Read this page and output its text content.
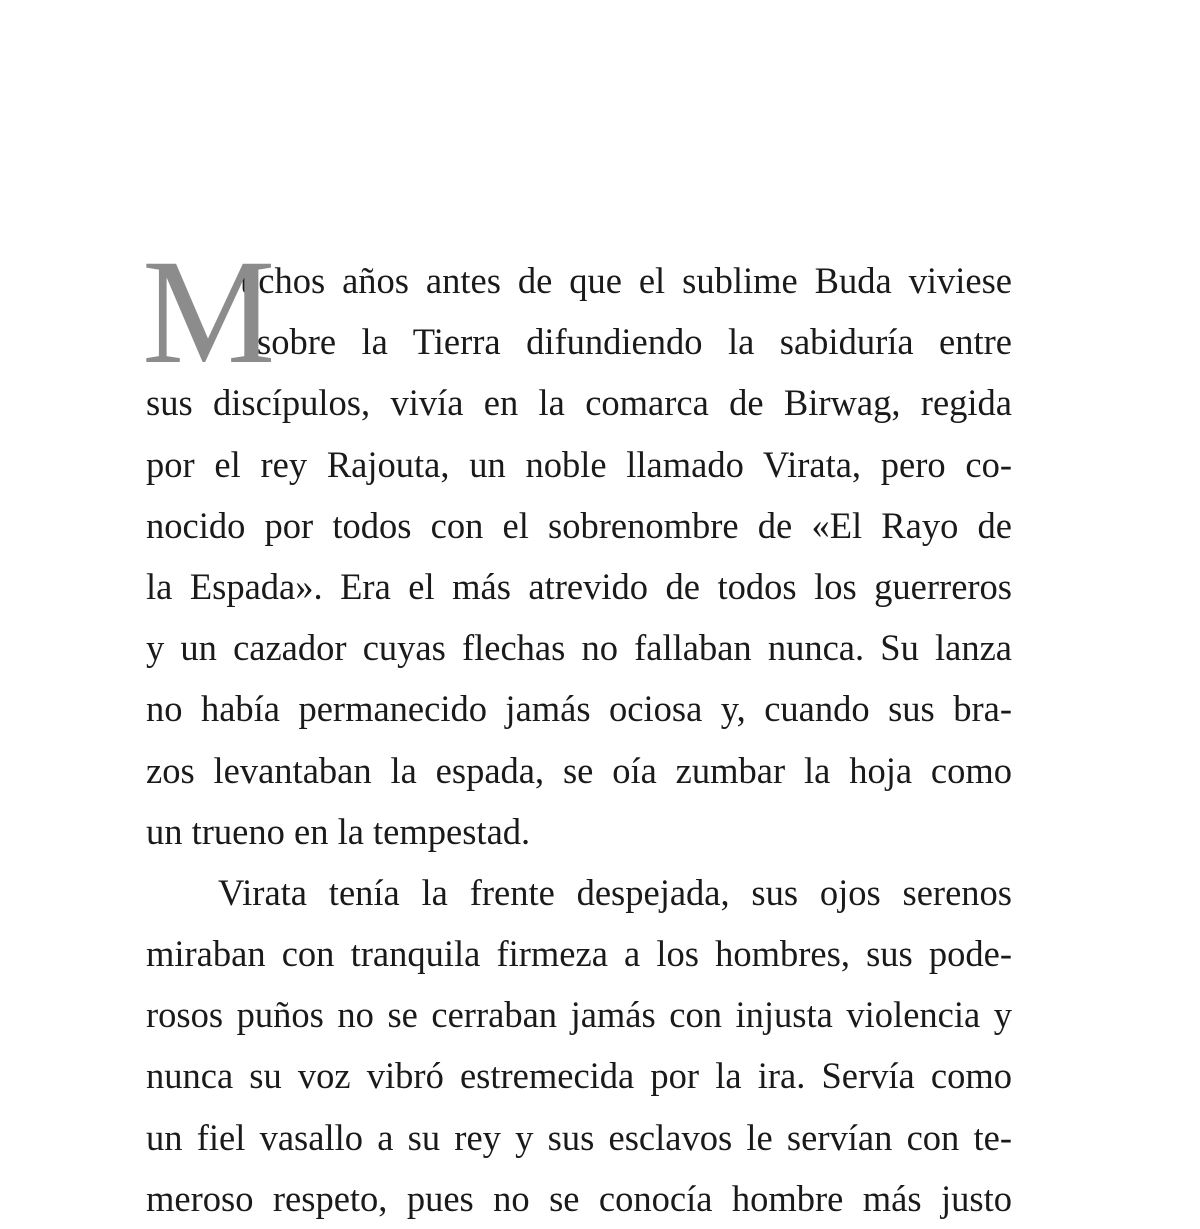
M
uchos años antes de que el sublime Buda viviese
sobre la Tierra difundiendo la sabiduría entre
sus discípulos, vivía en la comarca de Birwag, regida
por el rey Rajouta, un noble llamado Virata, pero co-
nocido por todos con el sobrenombre de «El Rayo de
la Espada». Era el más atrevido de todos los guerreros
y un cazador cuyas flechas no fallaban nunca. Su lanza
no había permanecido jamás ociosa y, cuando sus bra-
zos levantaban la espada, se oía zumbar la hoja como
un trueno en la tempestad.
Virata tenía la frente despejada, sus ojos serenos
miraban con tranquila firmeza a los hombres, sus pode-
rosos puños no se cerraban jamás con injusta violencia y
nunca su voz vibró estremecida por la ira. Servía como
un fiel vasallo a su rey y sus esclavos le servían con te-
meroso respeto, pues no se conocía hombre más justo
